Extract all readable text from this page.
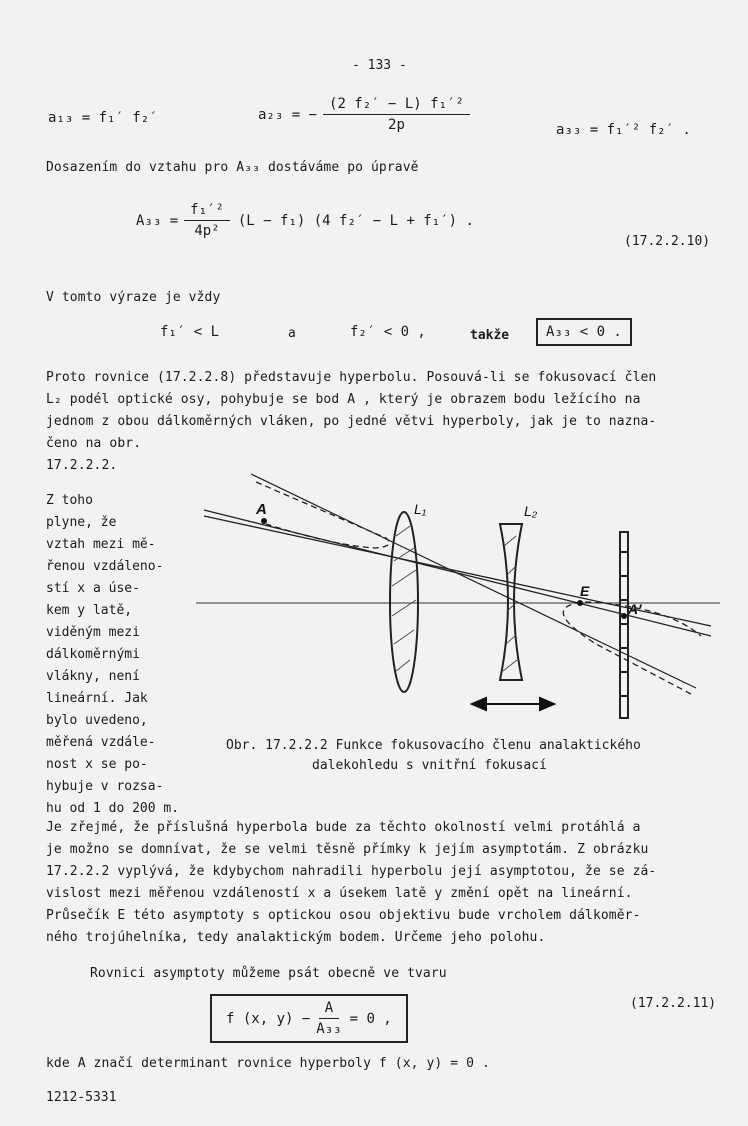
- 133 -
a₁₃ = f₁′ f₂′	a₂₃ = − $\frac{\text{(2 f₂′ − L) f₁′²}}{2p}$	a₃₃ = f₁′² f₂′ .
Dosazením do vztahu pro A₃₃ dostáváme po úpravě
$A_{33} = \frac{\text{f₁′²}}{\text{4p²}} (L - f_1)$ (4 f₂′ − L + f₁′) .
(17.2.2.10)
V tomto výraze je vždy
f₁′ < L	a	f₂′ < 0 ,	takže	A₃₃ < 0 .
Proto rovnice (17.2.2.8) představuje hyperbolu. Posouvá-li se fokusovací člen
L₂ podél optické osy, pohybuje se bod A , který je obrazem bodu ležícího na
jednom z obou dálkoměrných vláken, po jedné větvi hyperboly, jak je to nazna-
čeno na obr.
17.2.2.2.
Z toho
plyne, že
vztah mezi mě-
řenou vzdáleno-
stí x a úse-
kem y latě,
viděným mezi
dálkoměrnými
vlákny, není
lineární. Jak
bylo uvedeno,
měřená vzdále-
nost x se po-
hybuje v rozsa-
hu od 1 do 200 m.
A	L₁	L₂
E
A′
Obr. 17.2.2.2 Funkce fokusovacího členu analaktického
dalekohledu s vnitřní fokusací
Je zřejmé, že příslušná hyperbola bude za těchto okolností velmi protáhlá a
je možno se domnívat, že se velmi těsně přímky k jejím asymptotám. Z obrázku
17.2.2.2 vyplývá, že kdybychom nahradili hyperbolu její asymptotou, že se zá-
vislost mezi měřenou vzdáleností x a úsekem latě y změní opět na lineární.
Průsečík E této asymptoty s optickou osou objektivu bude vrcholem dálkoměr-
ného trojúhelníka, tedy analaktickým bodem. Určeme jeho polohu.
Rovnici asymptoty můžeme psát obecně ve tvaru
f (x, $y) - \frac{A}{\text{A₃₃}} = 0$ ,
(17.2.2.11)
kde A značí determinant rovnice hyperboly f (x, y) = 0 .
1212-5331
